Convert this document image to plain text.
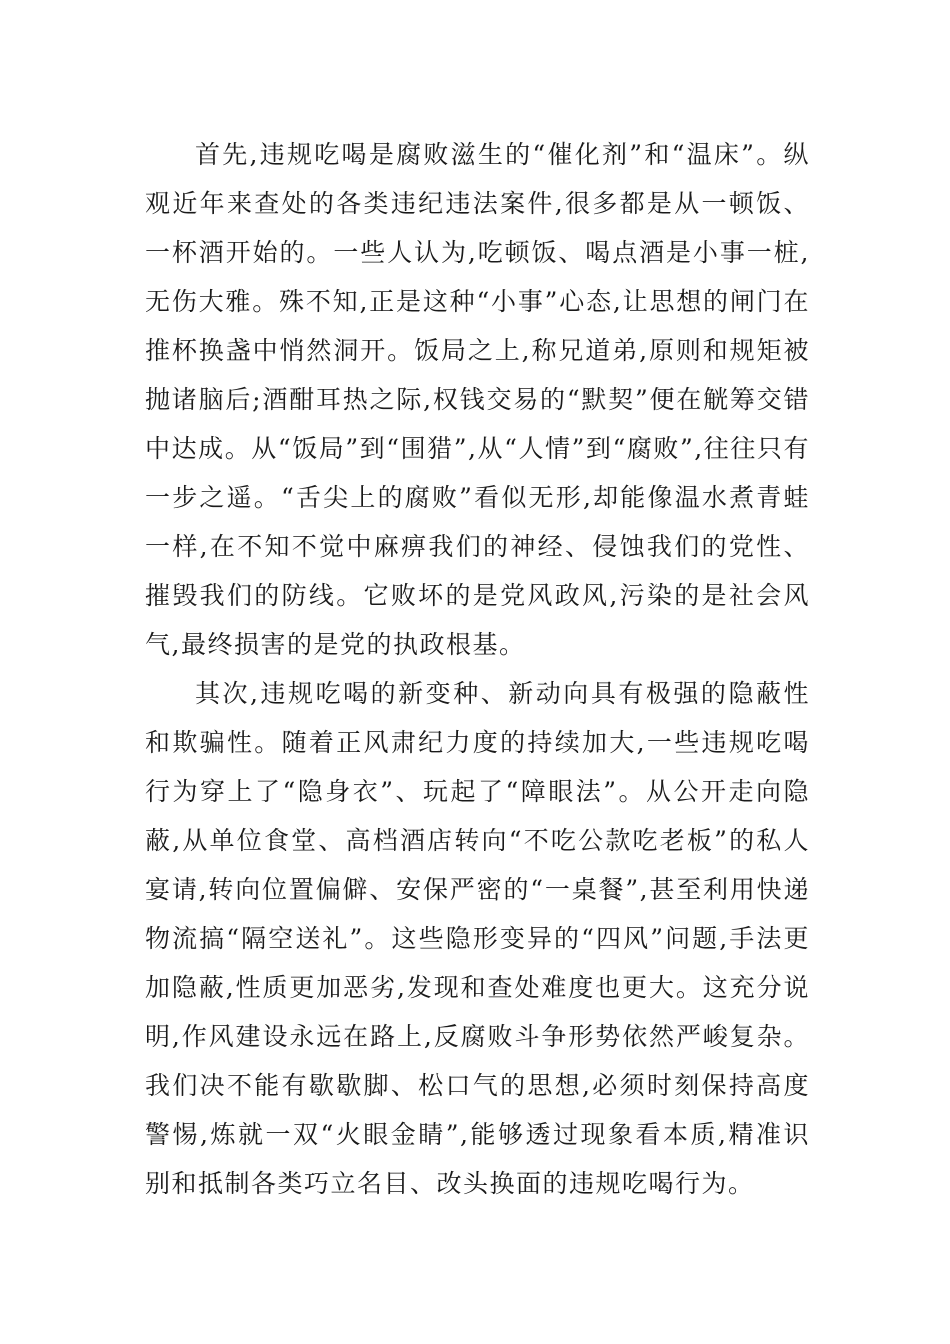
首先,违规吃喝是腐败滋生的“催化剂”和“温床”。纵观近年来查处的各类违纪违法案件,很多都是从一顿饭、一杯酒开始的。一些人认为,吃顿饭、喝点酒是小事一桩,无伤大雅。殊不知,正是这种“小事”心态,让思想的闸门在推杯换盏中悄然洞开。饭局之上,称兄道弟,原则和规矩被抛诸脑后;酒酣耳热之际,权钱交易的“默契”便在觥筹交错中达成。从“饭局”到“围猎”,从“人情”到“腐败”,往往只有一步之遥。“舌尖上的腐败”看似无形,却能像温水煮青蛙一样,在不知不觉中麻痹我们的神经、侵蚀我们的党性、摧毁我们的防线。它败坏的是党风政风,污染的是社会风气,最终损害的是党的执政根基。

其次,违规吃喝的新变种、新动向具有极强的隐蔽性和欺骗性。随着正风肃纪力度的持续加大,一些违规吃喝行为穿上了“隐身衣”、玩起了“障眼法”。从公开走向隐蔽,从单位食堂、高档酒店转向“不吃公款吃老板”的私人宴请,转向位置偏僻、安保严密的“一桌餐”,甚至利用快递物流搞“隔空送礼”。这些隐形变异的“四风”问题,手法更加隐蔽,性质更加恶劣,发现和查处难度也更大。这充分说明,作风建设永远在路上,反腐败斗争形势依然严峻复杂。我们决不能有歇歇脚、松口气的思想,必须时刻保持高度警惕,炼就一双“火眼金睛”,能够透过现象看本质,精准识别和抵制各类巧立名目、改头换面的违规吃喝行为。
